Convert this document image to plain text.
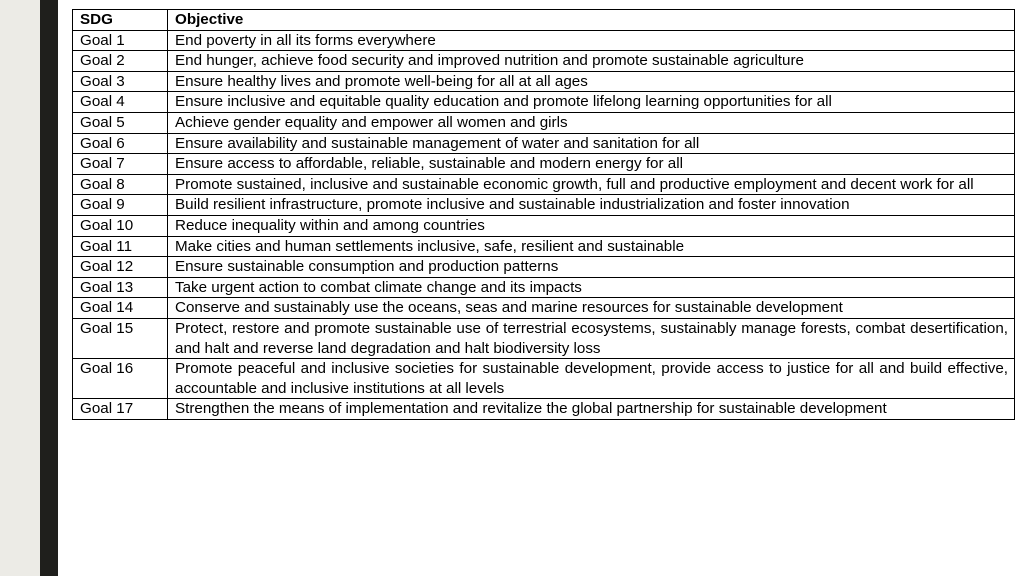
SDG	Objective
Goal 1	End poverty in all its forms everywhere
Goal 2	End hunger, achieve food security and improved nutrition and promote sustainable agriculture
Goal 3	Ensure healthy lives and promote well-being for all at all ages
Goal 4	Ensure inclusive and equitable quality education and promote lifelong learning opportunities for all
Goal 5	Achieve gender equality and empower all women and girls
Goal 6	Ensure availability and sustainable management of water and sanitation for all
Goal 7	Ensure access to affordable, reliable, sustainable and modern energy for all
Goal 8	Promote sustained, inclusive and sustainable economic growth, full and productive employment and decent work for all
Goal 9	Build resilient infrastructure, promote inclusive and sustainable industrialization and foster innovation
Goal 10	Reduce inequality within and among countries
Goal 11	Make cities and human settlements inclusive, safe, resilient and sustainable
Goal 12	Ensure sustainable consumption and production patterns
Goal 13	Take urgent action to combat climate change and its impacts
Goal 14	Conserve and sustainably use the oceans, seas and marine resources for sustainable development
Goal 15	Protect, restore and promote sustainable use of terrestrial ecosystems, sustainably manage forests, combat desertification, and halt and reverse land degradation and halt biodiversity loss
Goal 16	Promote peaceful and inclusive societies for sustainable development, provide access to justice for all and build effective, accountable and inclusive institutions at all levels
Goal 17	Strengthen the means of implementation and revitalize the global partnership for sustainable development
